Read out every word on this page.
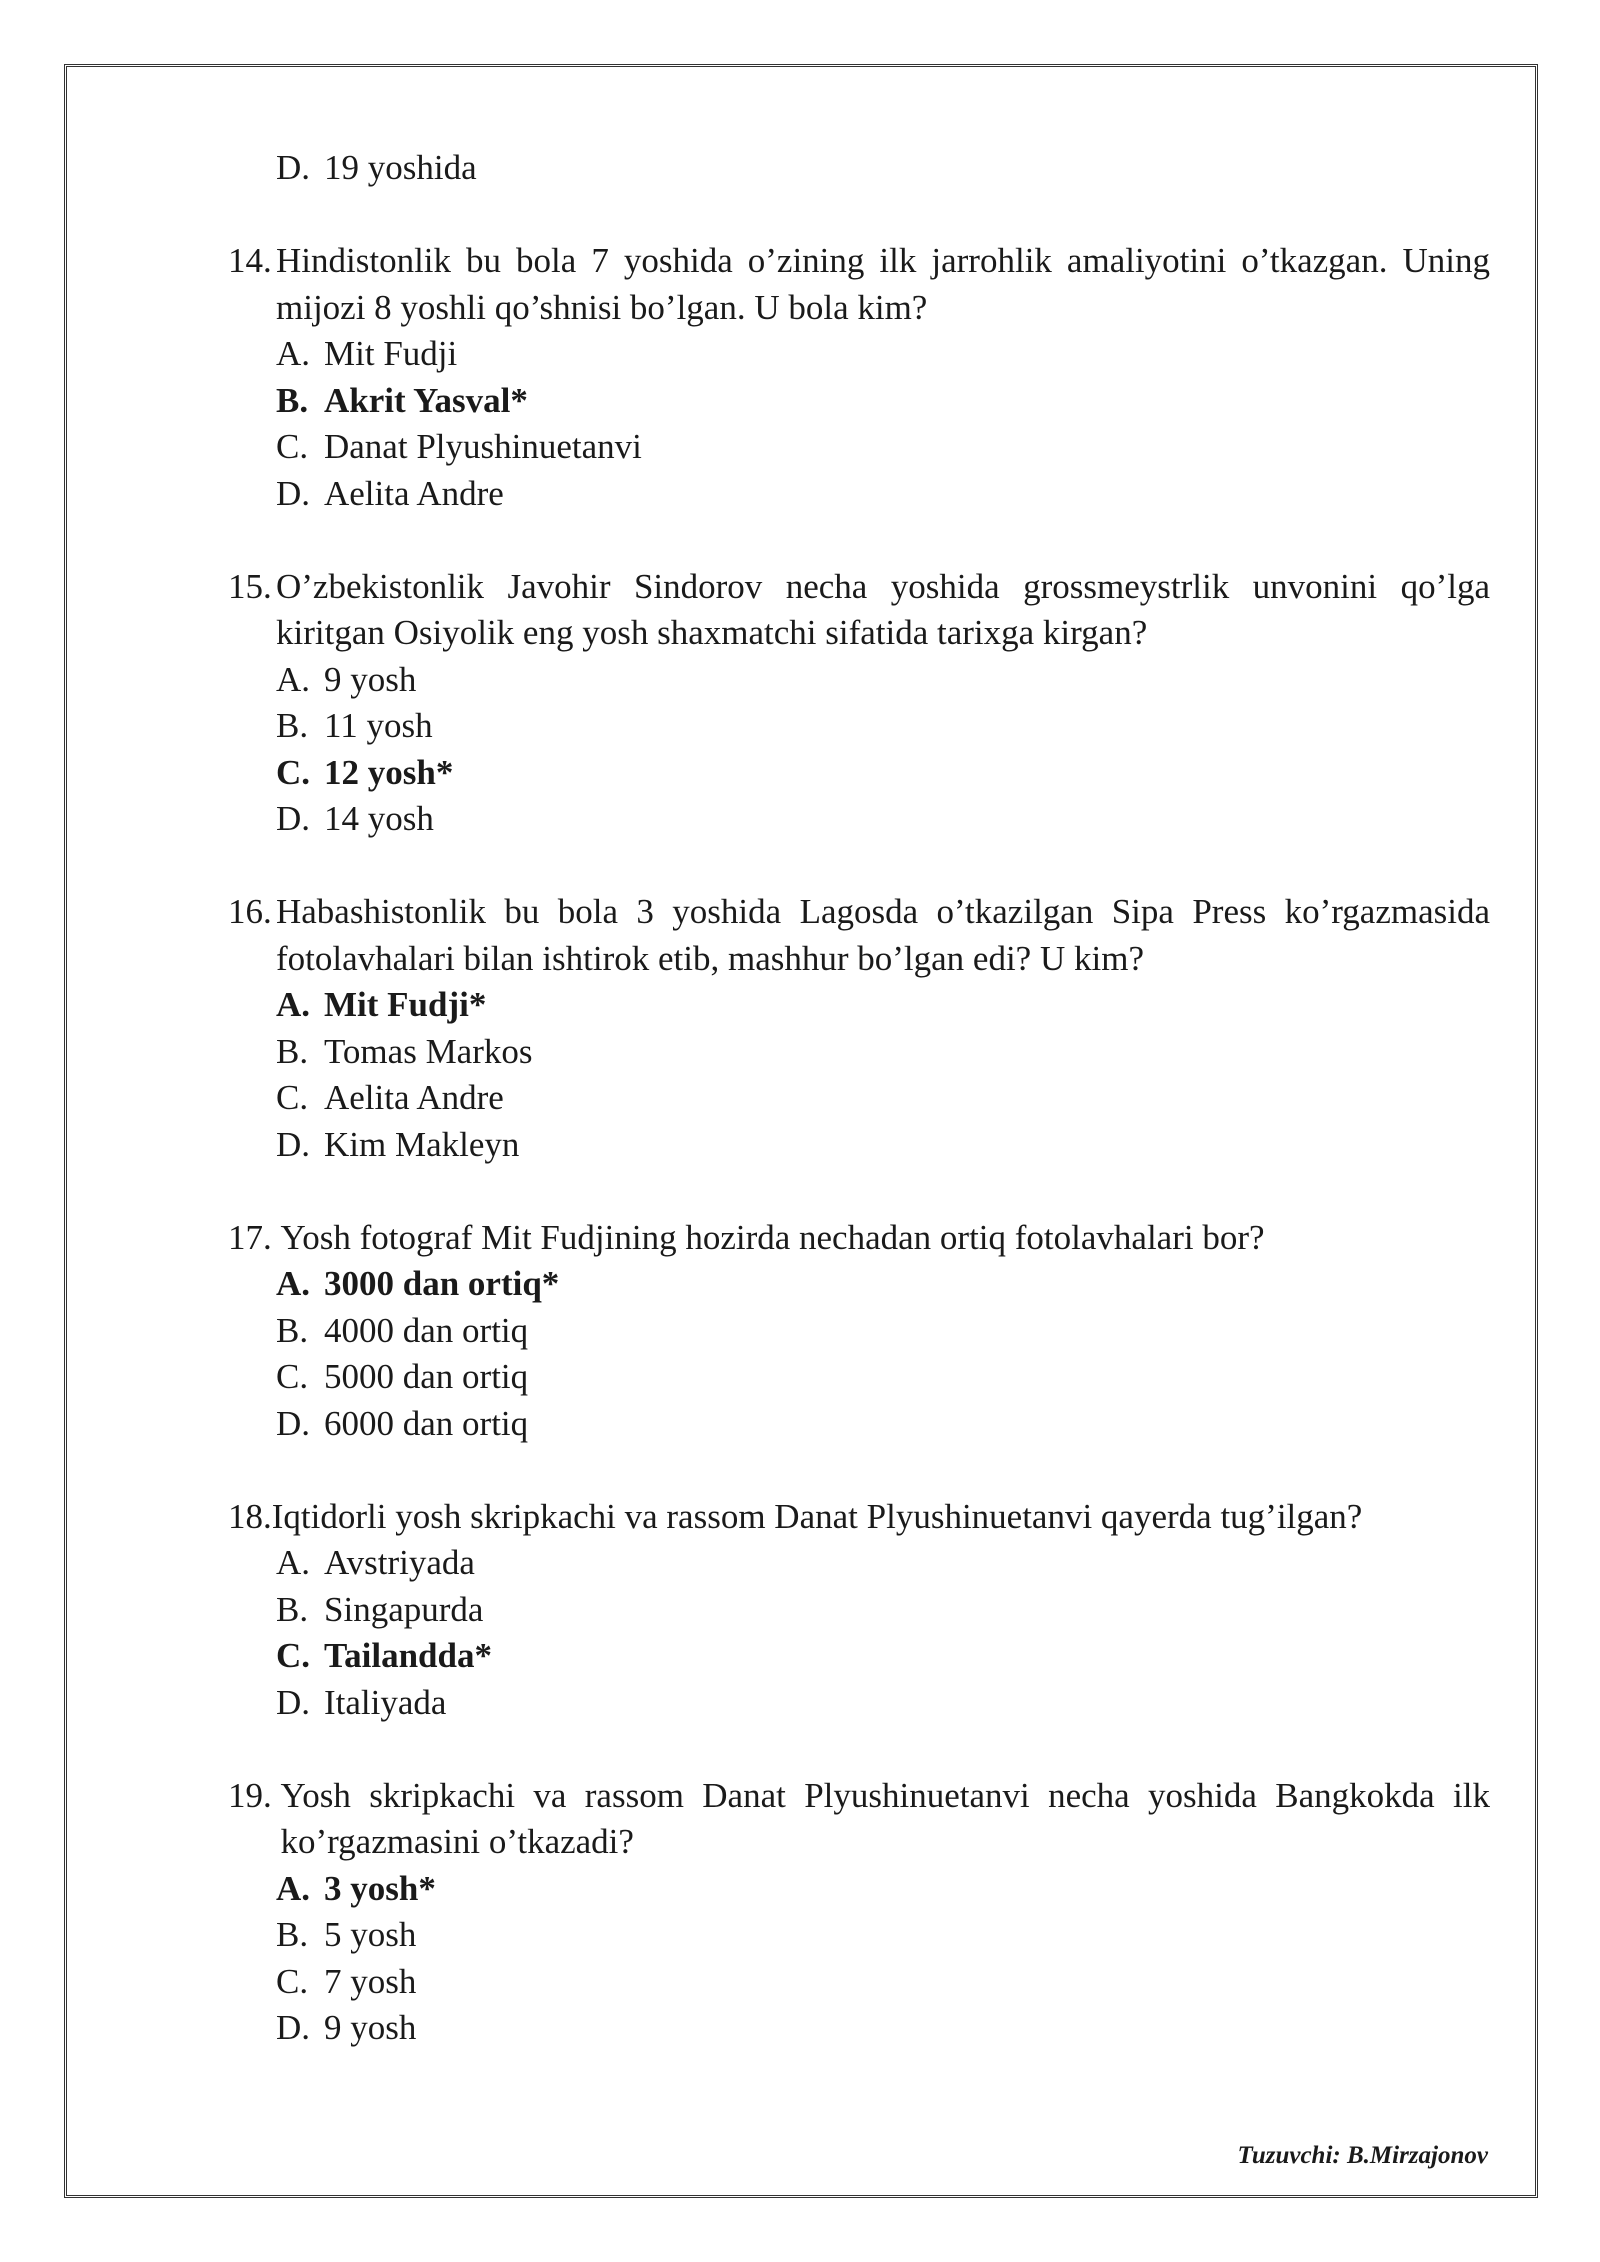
D. 19 yoshida
14. Hindistonlik bu bola 7 yoshida o’zining ilk jarrohlik amaliyotini o’tkazgan. Uning mijozi 8 yoshli qo’shnisi bo’lgan. U bola kim?
A. Mit Fudji
B. Akrit Yasval*
C. Danat Plyushinuetanvi
D. Aelita Andre
15. O’zbekistonlik Javohir Sindorov necha yoshida grossmeystrlik unvonini qo’lga kiritgan Osiyolik eng yosh shaxmatchi sifatida tarixga kirgan?
A. 9 yosh
B. 11 yosh
C. 12 yosh*
D. 14 yosh
16. Habashistonlik bu bola 3 yoshida Lagosda o’tkazilgan Sipa Press ko’rgazmasida fotolavhalari bilan ishtirok etib, mashhur bo’lgan edi? U kim?
A. Mit Fudji*
B. Tomas Markos
C. Aelita Andre
D. Kim Makleyn
17. Yosh fotograf Mit Fudjining hozirda nechadan ortiq fotolavhalari bor?
A. 3000 dan ortiq*
B. 4000 dan ortiq
C. 5000 dan ortiq
D. 6000 dan ortiq
18. Iqtidorli yosh skripkachi va rassom Danat Plyushinuetanvi qayerda tug’ilgan?
A. Avstriyada
B. Singapurda
C. Tailandda*
D. Italiyada
19. Yosh skripkachi va rassom Danat Plyushinuetanvi necha yoshida Bangkokda ilk ko’rgazmasini o’tkazadi?
A. 3 yosh*
B. 5 yosh
C. 7 yosh
D. 9 yosh
Tuzuvchi: B.Mirzajonov
